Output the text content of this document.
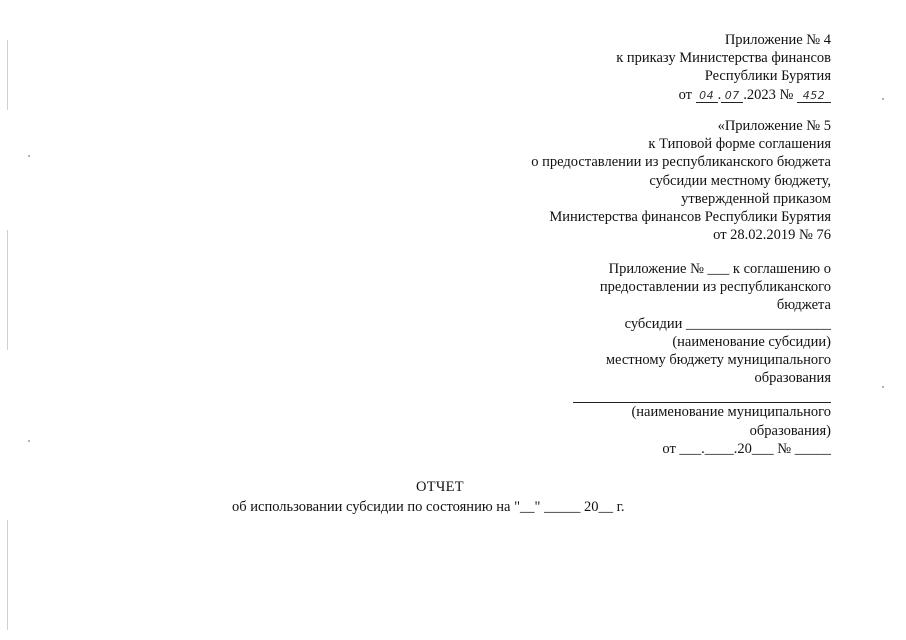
Приложение № 4
к приказу Министерства финансов
Республики Бурятия
от 04 . 07 .2023 № 452
«Приложение № 5
к Типовой форме соглашения
о предоставлении из республиканского бюджета
субсидии местному бюджету,
утвержденной приказом
Министерства финансов Республики Бурятия
от 28.02.2019 № 76
Приложение № ___ к соглашению о
предоставлении из республиканского
бюджета
субсидии ____________________
(наименование субсидии)
местному бюджету муниципального
образования
(наименование муниципального
образования)
от ___.____.20___ № _____
ОТЧЕТ
об использовании субсидии по состоянию на "__" _____ 20__ г.
